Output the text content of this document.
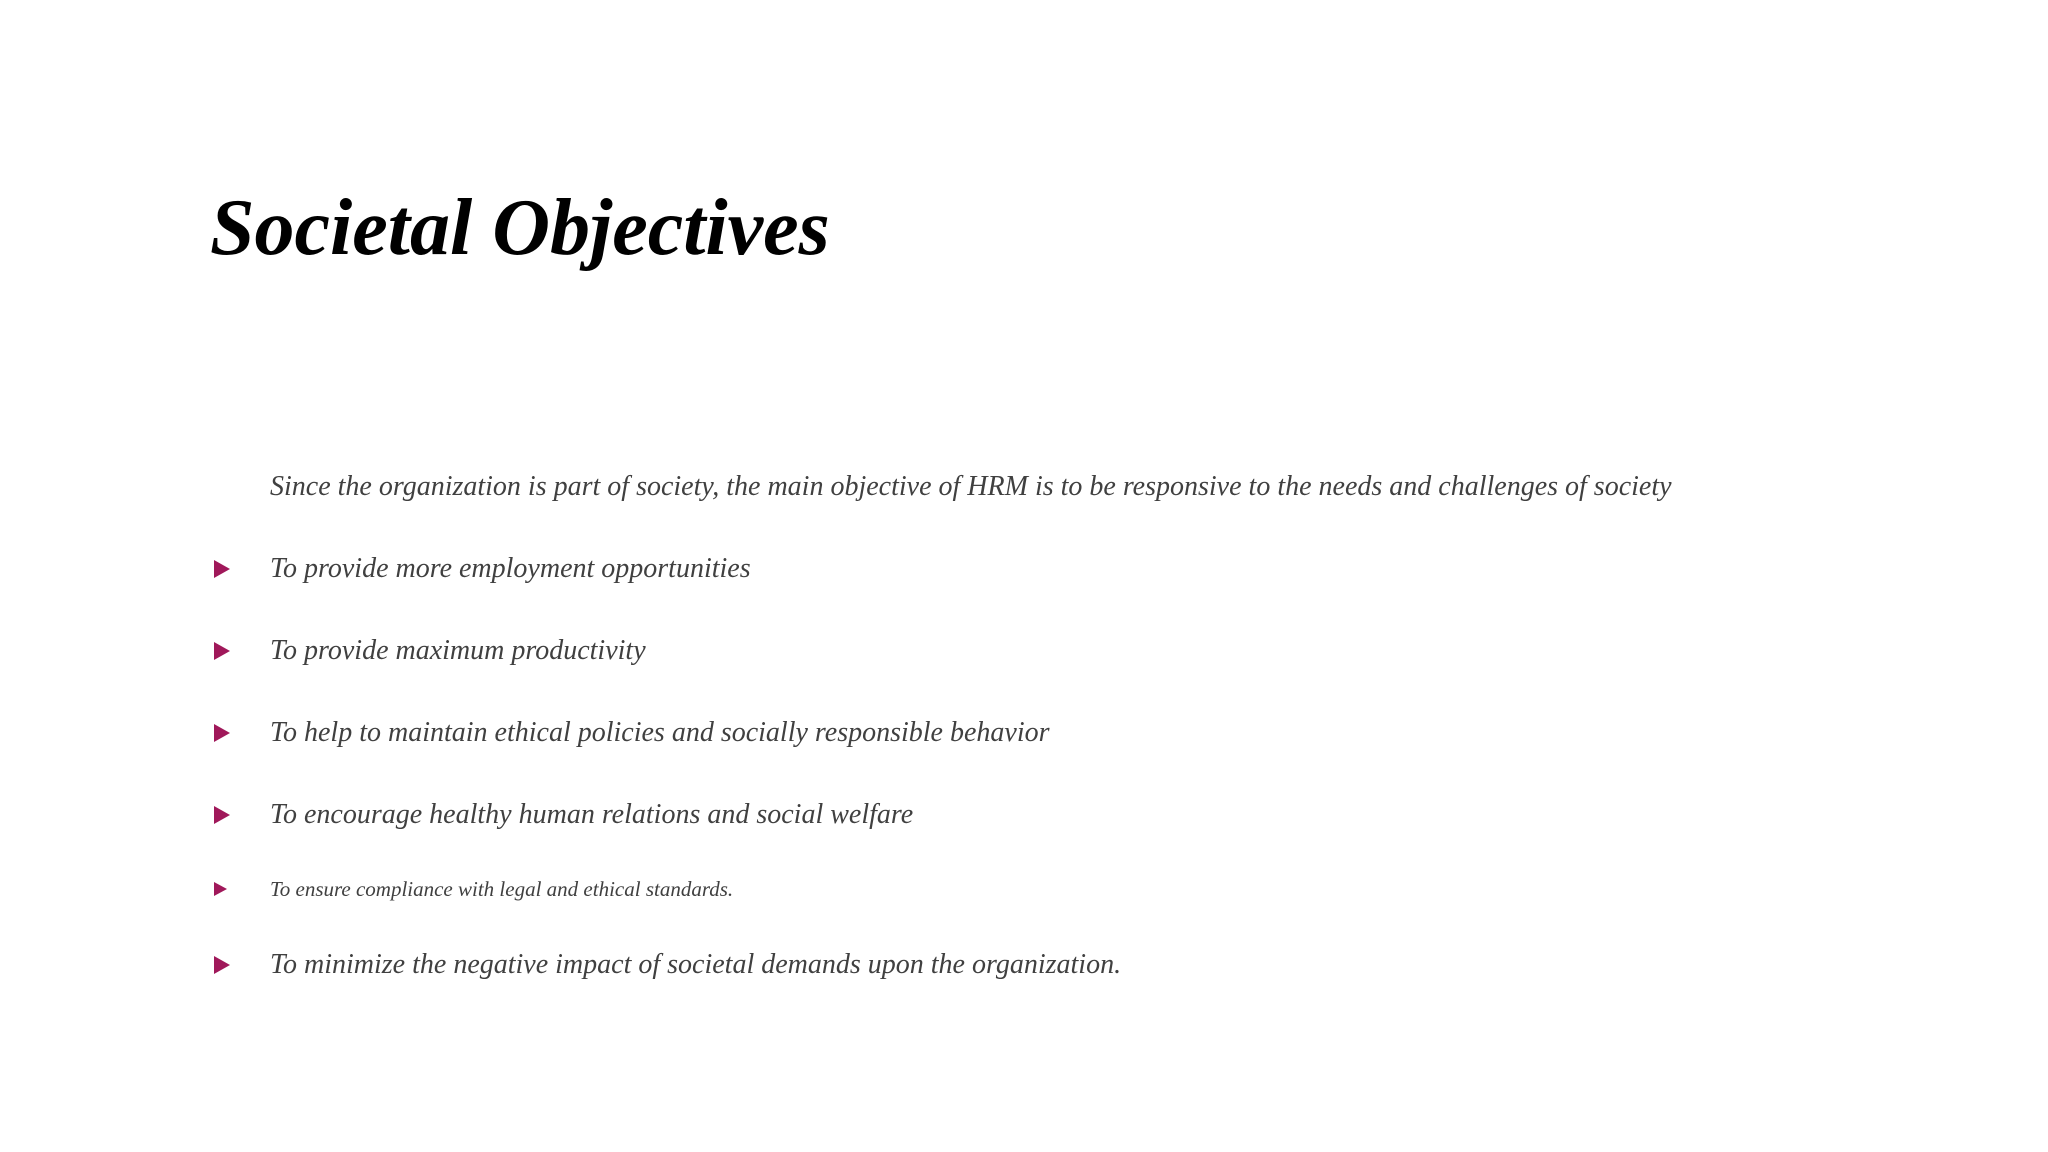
Societal Objectives

Since the organization is part of society, the main objective of HRM is to be responsive to the needs and challenges of society

To provide more employment opportunities
To provide maximum productivity
To help to maintain ethical policies and socially responsible behavior
To encourage healthy human relations and social welfare
To ensure compliance with legal and ethical standards.
To minimize the negative impact of societal demands upon the organization.
